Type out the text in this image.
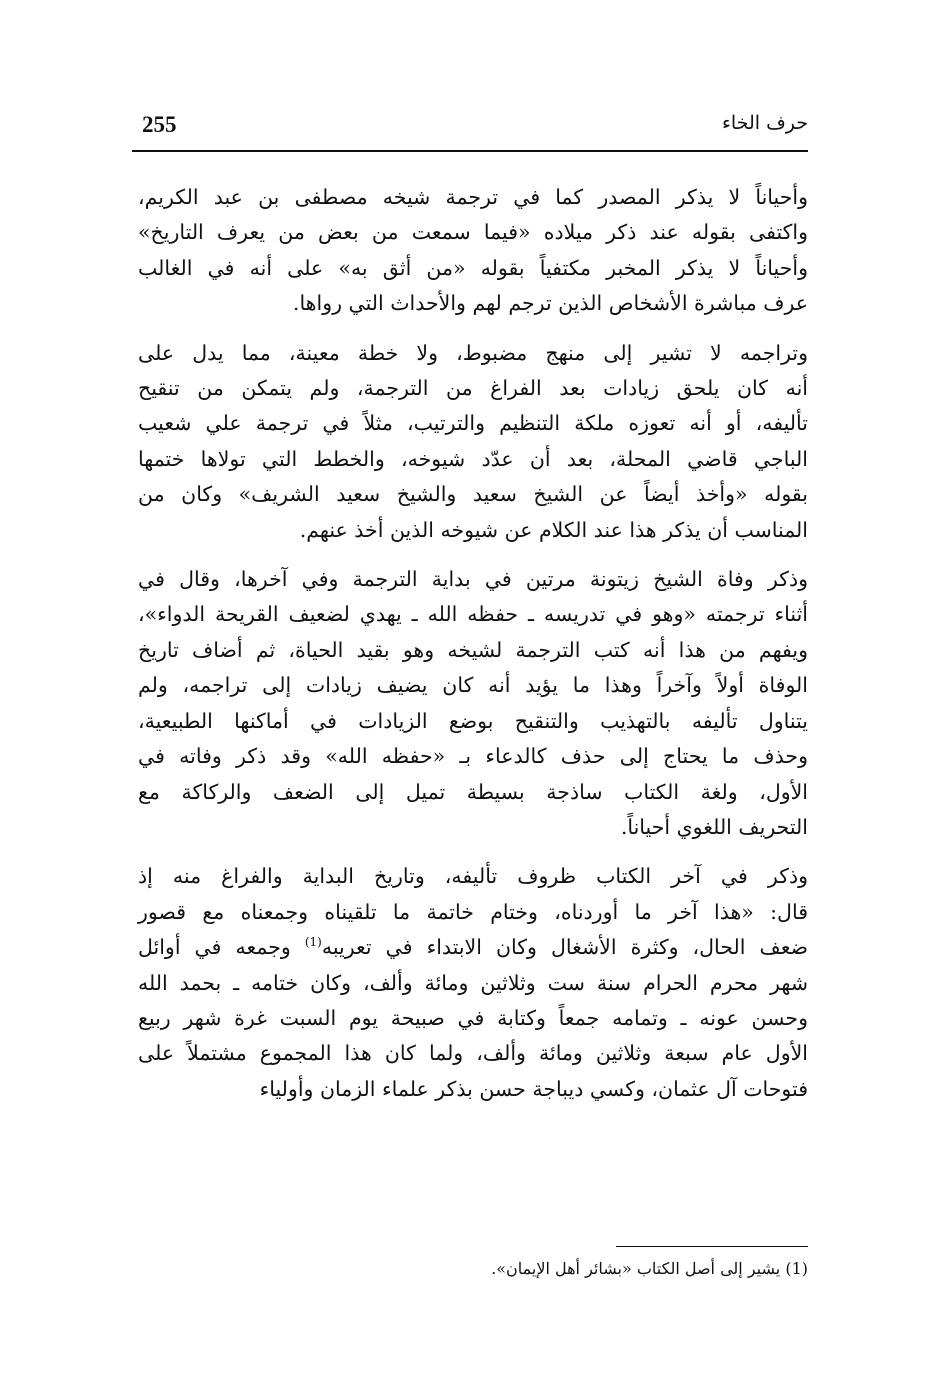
255	حرف الخاء

وأحياناً لا يذكر المصدر كما في ترجمة شيخه مصطفى بن عبد الكريم،
واكتفى بقوله عند ذكر ميلاده «فيما سمعت من بعض من يعرف التاريخ»
وأحياناً لا يذكر المخبر مكتفياً بقوله «من أثق به» على أنه في الغالب
عرف مباشرة الأشخاص الذين ترجم لهم والأحداث التي رواها.

وتراجمه لا تشير إلى منهج مضبوط، ولا خطة معينة، مما يدل على
أنه كان يلحق زيادات بعد الفراغ من الترجمة، ولم يتمكن من تنقيح
تأليفه، أو أنه تعوزه ملكة التنظيم والترتيب، مثلاً في ترجمة علي شعيب
الباجي قاضي المحلة، بعد أن عدّد شيوخه، والخطط التي تولاها ختمها
بقوله «وأخذ أيضاً عن الشيخ سعيد والشيخ سعيد الشريف» وكان من
المناسب أن يذكر هذا عند الكلام عن شيوخه الذين أخذ عنهم.

وذكر وفاة الشيخ زيتونة مرتين في بداية الترجمة وفي آخرها، وقال في
أثناء ترجمته «وهو في تدريسه ـ حفظه الله ـ يهدي لضعيف القريحة الدواء»،
ويفهم من هذا أنه كتب الترجمة لشيخه وهو بقيد الحياة، ثم أضاف تاريخ
الوفاة أولاً وآخراً وهذا ما يؤيد أنه كان يضيف زيادات إلى تراجمه، ولم
يتناول تأليفه بالتهذيب والتنقيح بوضع الزيادات في أماكنها الطبيعية،
وحذف ما يحتاج إلى حذف كالدعاء بـ «حفظه الله» وقد ذكر وفاته في
الأول، ولغة الكتاب ساذجة بسيطة تميل إلى الضعف والركاكة مع
التحريف اللغوي أحياناً.

وذكر في آخر الكتاب ظروف تأليفه، وتاريخ البداية والفراغ منه إذ
قال: «هذا آخر ما أوردناه، وختام خاتمة ما تلقيناه وجمعناه مع قصور
ضعف الحال، وكثرة الأشغال وكان الابتداء في تعريبه$^{(1)}$ وجمعه في أوائل
شهر محرم الحرام سنة ست وثلاثين ومائة وألف، وكان ختامه ـ بحمد الله
وحسن عونه ـ وتمامه جمعاً وكتابة في صبيحة يوم السبت غرة شهر ربيع
الأول عام سبعة وثلاثين ومائة وألف، ولما كان هذا المجموع مشتملاً على
فتوحات آل عثمان، وكسي ديباجة حسن بذكر علماء الزمان وأولياء

(1) يشير إلى أصل الكتاب «بشائر أهل الإيمان».
